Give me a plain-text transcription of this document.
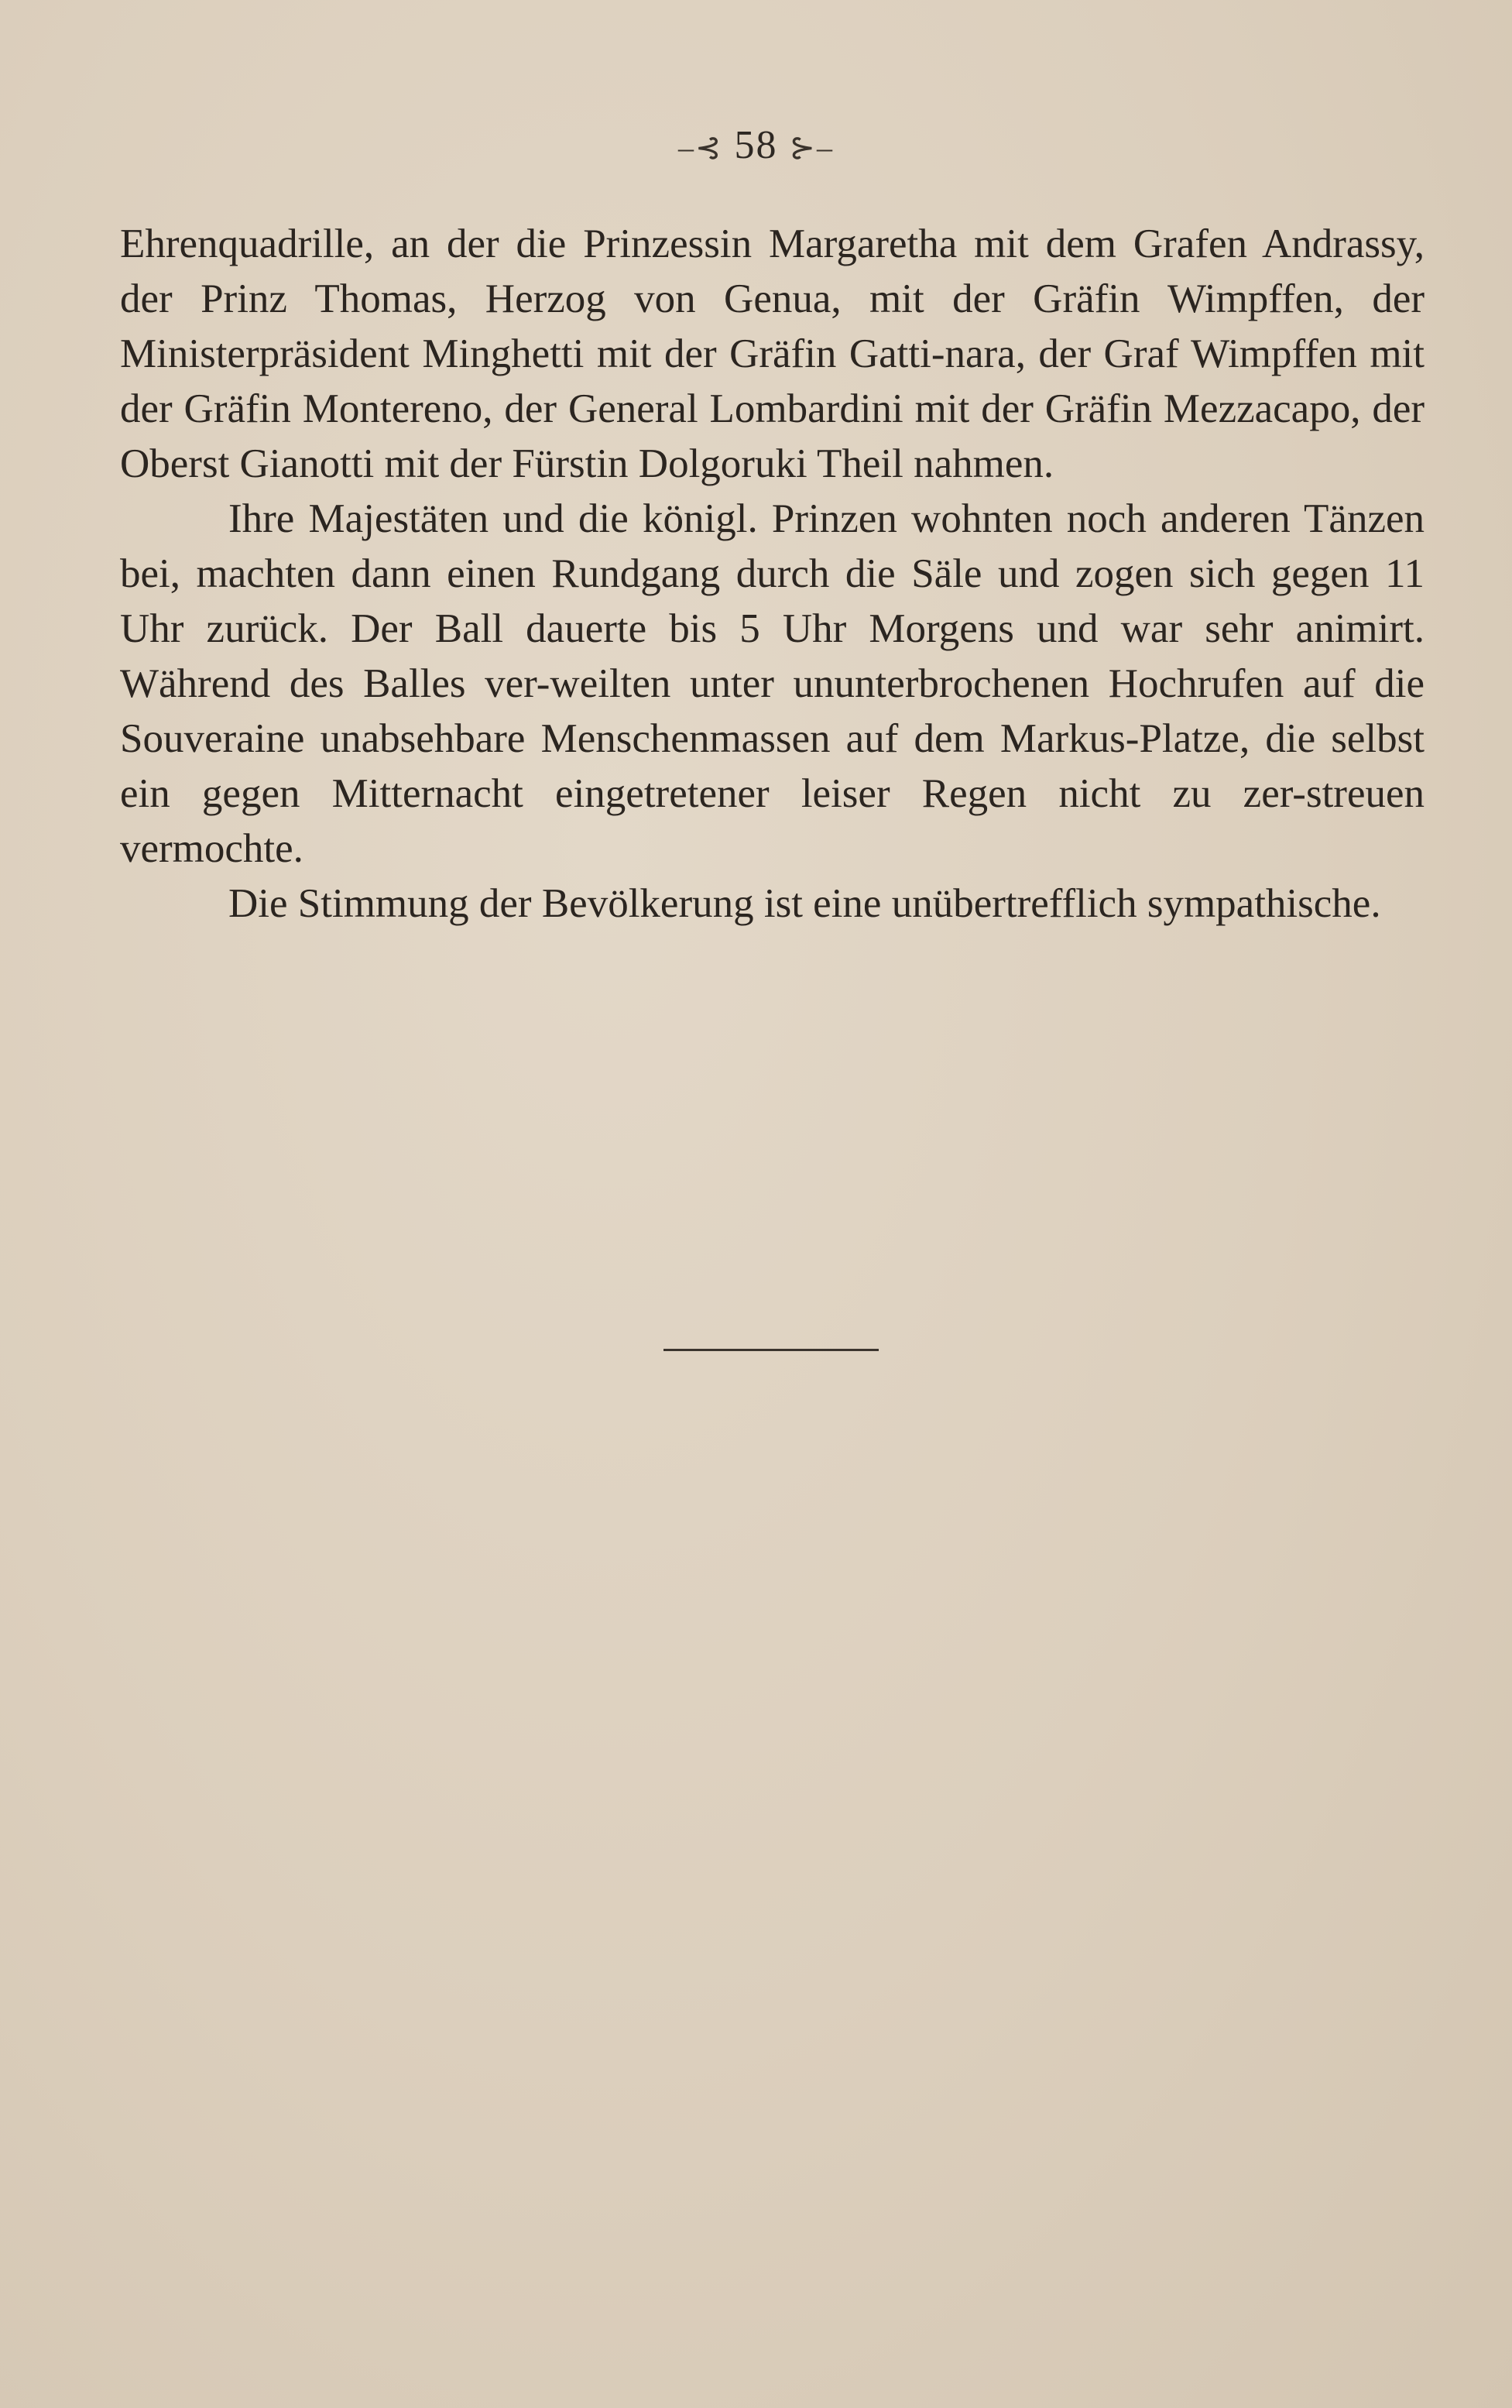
–⊰ 58 ⊱–

Ehrenquadrille, an der die Prinzessin Margaretha mit dem Grafen Andrassy, der Prinz Thomas, Herzog von Genua, mit der Gräfin Wimpffen, der Ministerpräsident Minghetti mit der Gräfin Gatti-nara, der Graf Wimpffen mit der Gräfin Montereno, der General Lombardini mit der Gräfin Mezzacapo, der Oberst Gianotti mit der Fürstin Dolgoruki Theil nahmen.

Ihre Majestäten und die königl. Prinzen wohnten noch anderen Tänzen bei, machten dann einen Rundgang durch die Säle und zogen sich gegen 11 Uhr zurück. Der Ball dauerte bis 5 Uhr Morgens und war sehr animirt. Während des Balles ver-weilten unter ununterbrochenen Hochrufen auf die Souveraine unabsehbare Menschenmassen auf dem Markus-Platze, die selbst ein gegen Mitternacht eingetretener leiser Regen nicht zu zer-streuen vermochte.

Die Stimmung der Bevölkerung ist eine unübertrefflich sympathische.
